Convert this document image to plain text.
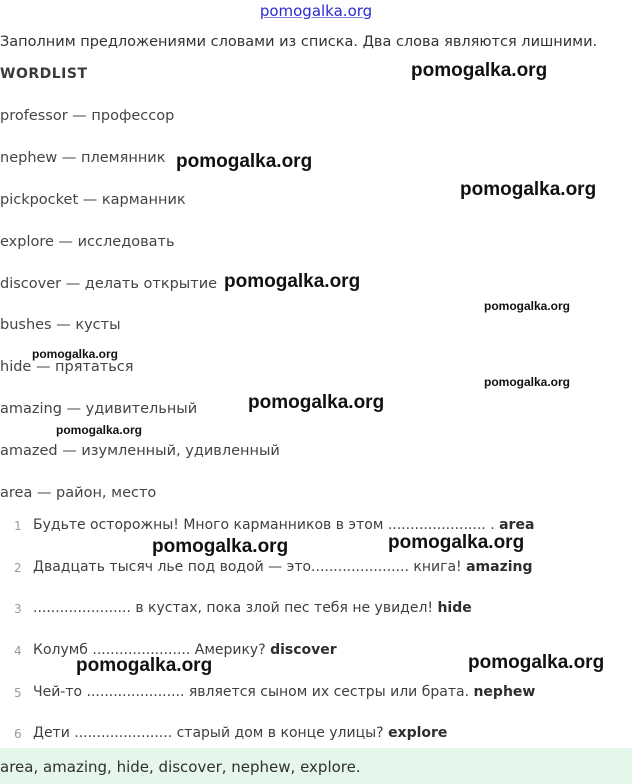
pomogalka.org
Заполним предложениями словами из списка. Два слова являются лишними.
WORDLIST
professor — профессор
nephew — племянник
pickpocket — карманник
explore — исследовать
discover — делать открытие
bushes — кусты
hide — прятаться
amazing — удивительный
amazed — изумленный, удивленный
area — район, место
1 Будьте осторожны! Много карманников в этом ...................... . area
2 Двадцать тысяч лье под водой — это...................... книга! amazing
3 ...................... в кустах, пока злой пес тебя не увидел! hide
4 Колумб ...................... Америку? discover
5 Чей-то ...................... является сыном их сестры или брата. nephew
6 Дети ...................... старый дом в конце улицы? explore
area, amazing, hide, discover, nephew, explore.
pomogalka.org
pomogalka.org
pomogalka.org
pomogalka.org
pomogalka.org
pomogalka.org
pomogalka.org
pomogalka.org
pomogalka.org
pomogalka.org
pomogalka.org
pomogalka.org
pomogalka.org
